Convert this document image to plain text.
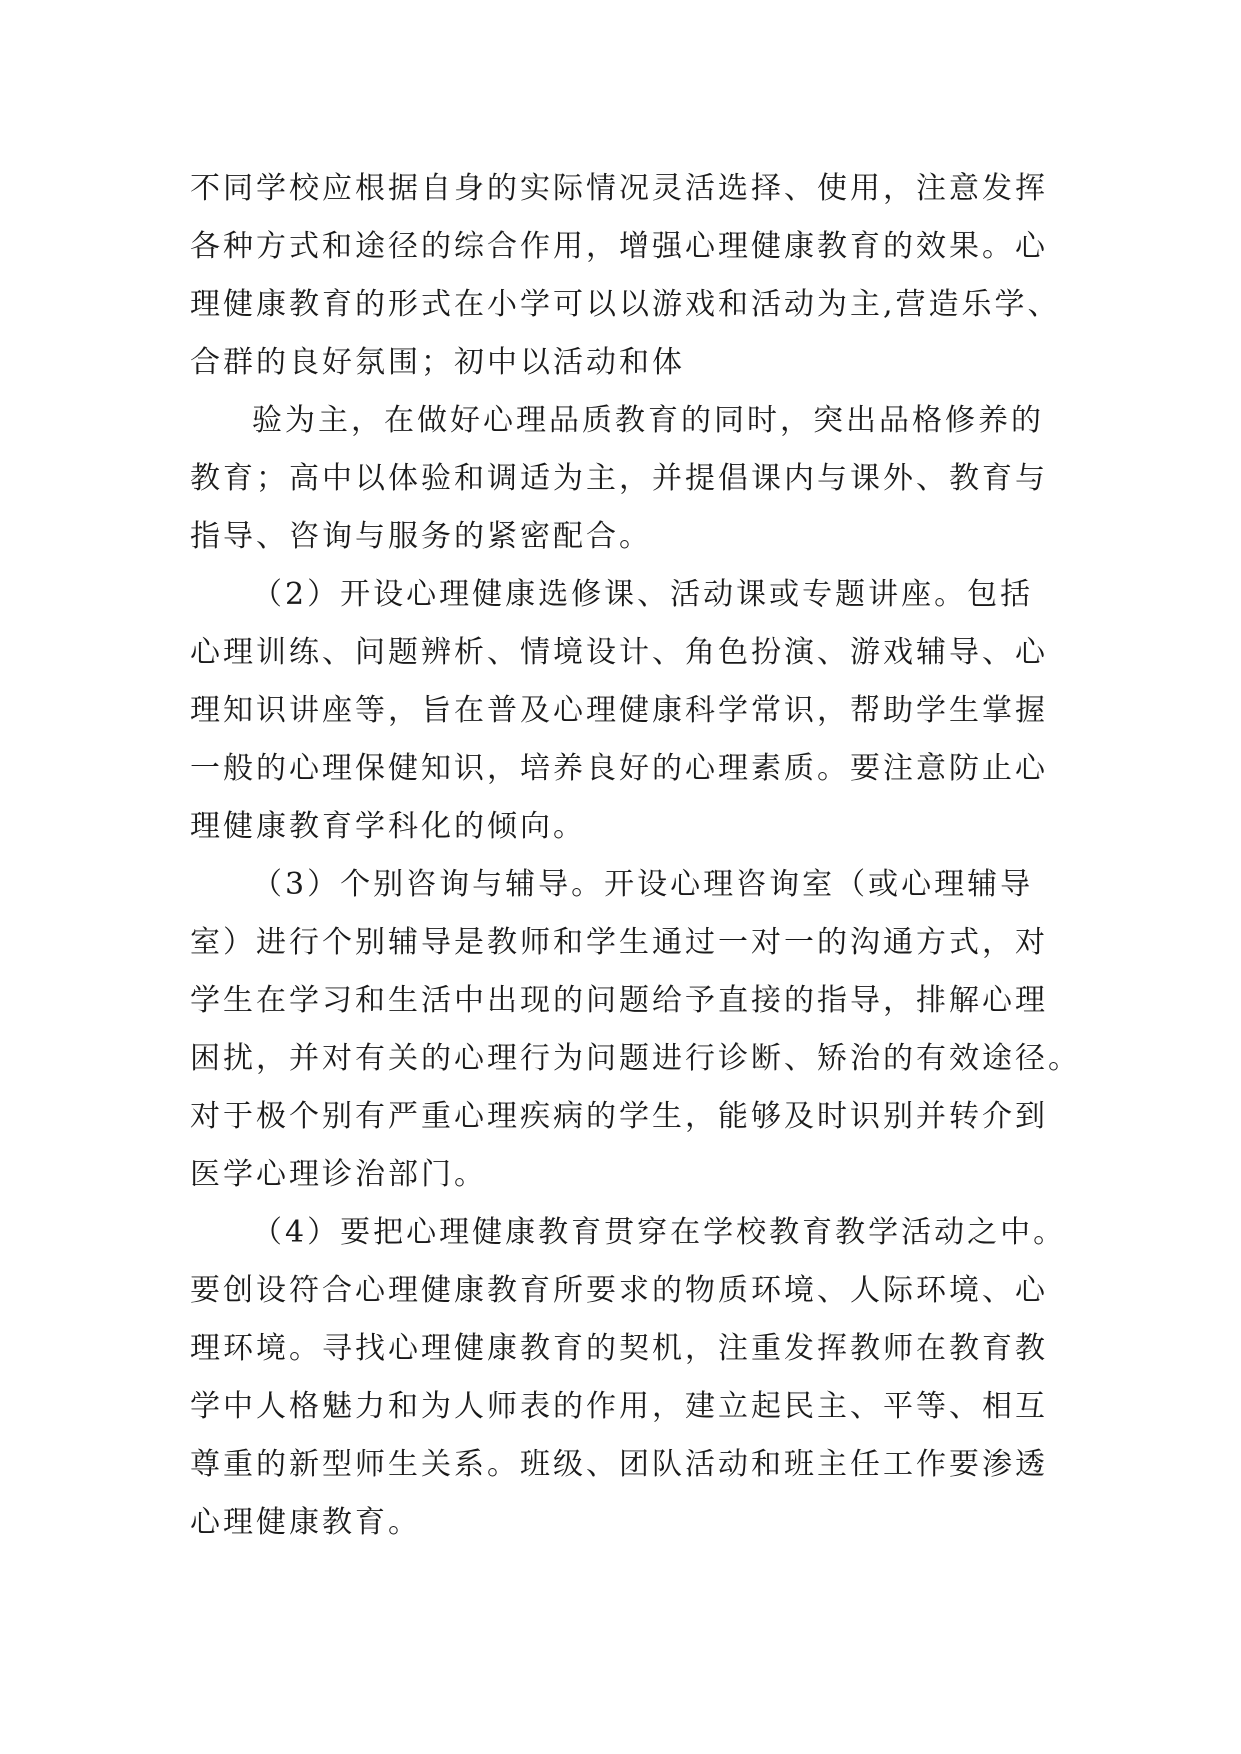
不同学校应根据自身的实际情况灵活选择、使用，注意发挥
各种方式和途径的综合作用，增强心理健康教育的效果。心
理健康教育的形式在小学可以以游戏和活动为主,营造乐学、
合群的良好氛围；初中以活动和体
验为主，在做好心理品质教育的同时，突出品格修养的
教育；高中以体验和调适为主，并提倡课内与课外、教育与
指导、咨询与服务的紧密配合。
（2）开设心理健康选修课、活动课或专题讲座。包括
心理训练、问题辨析、情境设计、角色扮演、游戏辅导、心
理知识讲座等，旨在普及心理健康科学常识，帮助学生掌握
一般的心理保健知识，培养良好的心理素质。要注意防止心
理健康教育学科化的倾向。
（3）个别咨询与辅导。开设心理咨询室（或心理辅导
室）进行个别辅导是教师和学生通过一对一的沟通方式，对
学生在学习和生活中出现的问题给予直接的指导，排解心理
困扰，并对有关的心理行为问题进行诊断、矫治的有效途径。
对于极个别有严重心理疾病的学生，能够及时识别并转介到
医学心理诊治部门。
（4）要把心理健康教育贯穿在学校教育教学活动之中。
要创设符合心理健康教育所要求的物质环境、人际环境、心
理环境。寻找心理健康教育的契机，注重发挥教师在教育教
学中人格魅力和为人师表的作用，建立起民主、平等、相互
尊重的新型师生关系。班级、团队活动和班主任工作要渗透
心理健康教育。
